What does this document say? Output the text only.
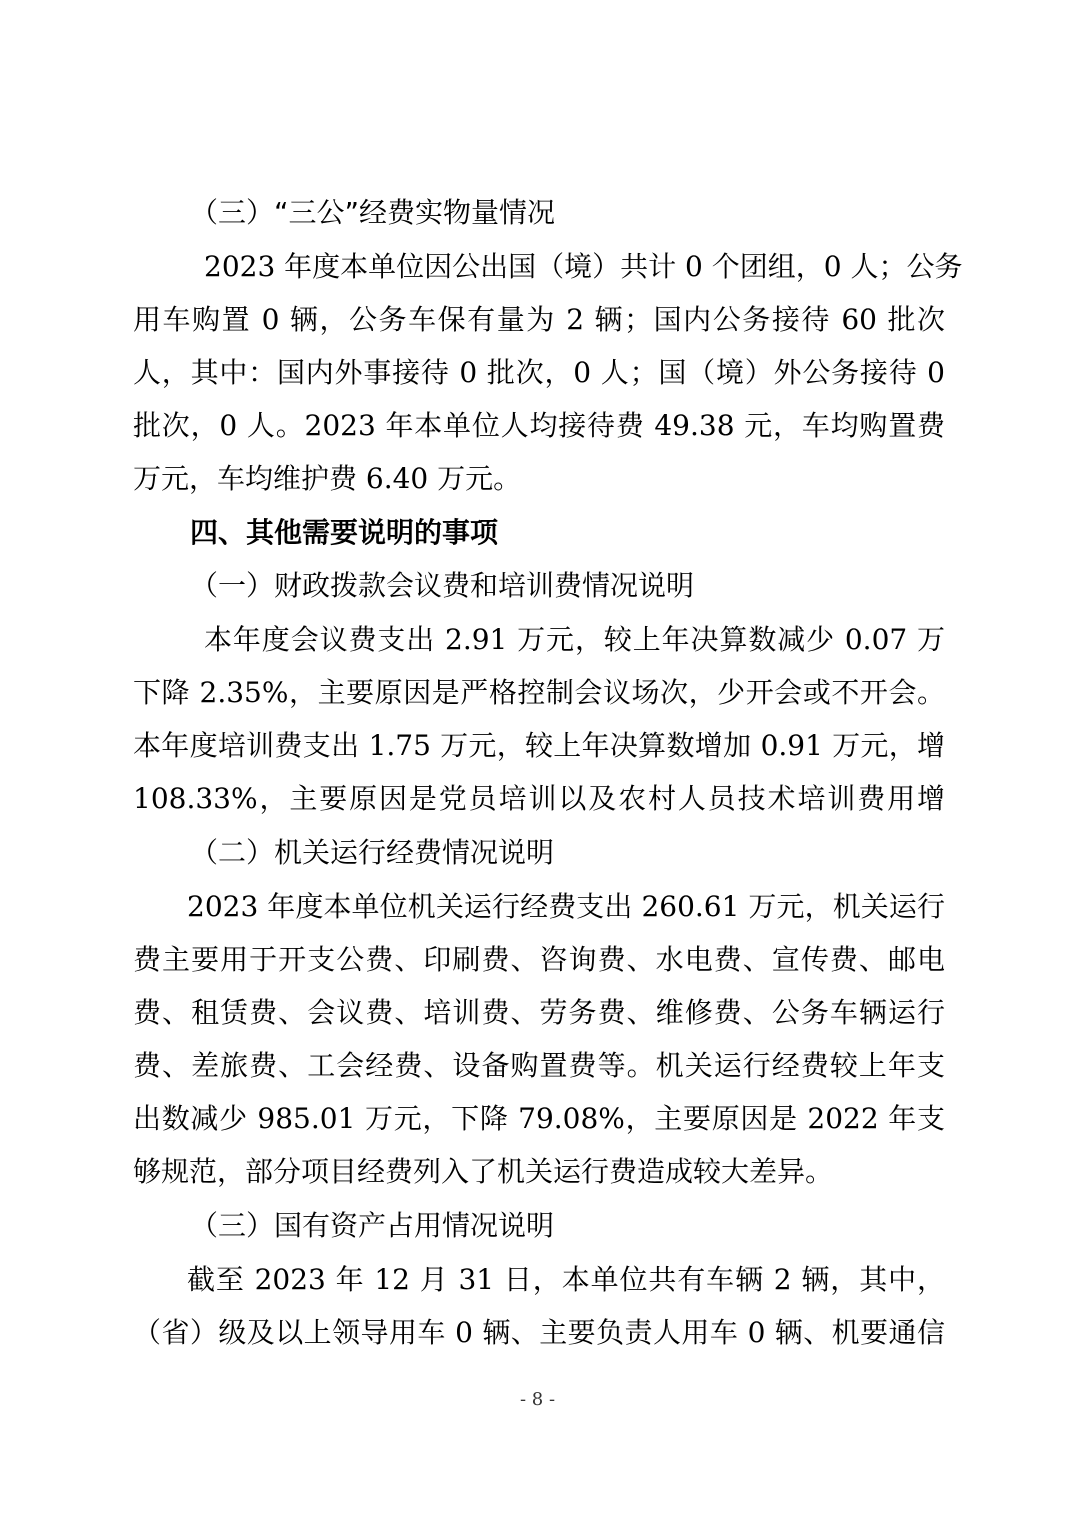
（三）“三公”经费实物量情况
2023 年度本单位因公出国（境）共计 0 个团组，0 人；公务
用车购置 0 辆，公务车保有量为 2 辆；国内公务接待 60 批次
人，其中：国内外事接待 0 批次，0 人；国（境）外公务接待 0
批次，0 人。2023 年本单位人均接待费 49.38 元，车均购置费
万元，车均维护费 6.40 万元。
四、其他需要说明的事项
（一）财政拨款会议费和培训费情况说明
本年度会议费支出 2.91 万元，较上年决算数减少 0.07 万
下降 2.35%，主要原因是严格控制会议场次，少开会或不开会。
本年度培训费支出 1.75 万元，较上年决算数增加 0.91 万元，增
108.33%，主要原因是党员培训以及农村人员技术培训费用增
（二）机关运行经费情况说明
2023 年度本单位机关运行经费支出 260.61 万元，机关运行
费主要用于开支公费、印刷费、咨询费、水电费、宣传费、邮电
费、租赁费、会议费、培训费、劳务费、维修费、公务车辆运行
费、差旅费、工会经费、设备购置费等。机关运行经费较上年支
出数减少 985.01 万元，下降 79.08%，主要原因是 2022 年支
够规范，部分项目经费列入了机关运行费造成较大差异。
（三）国有资产占用情况说明
截至 2023 年 12 月 31 日，本单位共有车辆 2 辆，其中，
（省）级及以上领导用车 0 辆、主要负责人用车 0 辆、机要通信
- 8 -
